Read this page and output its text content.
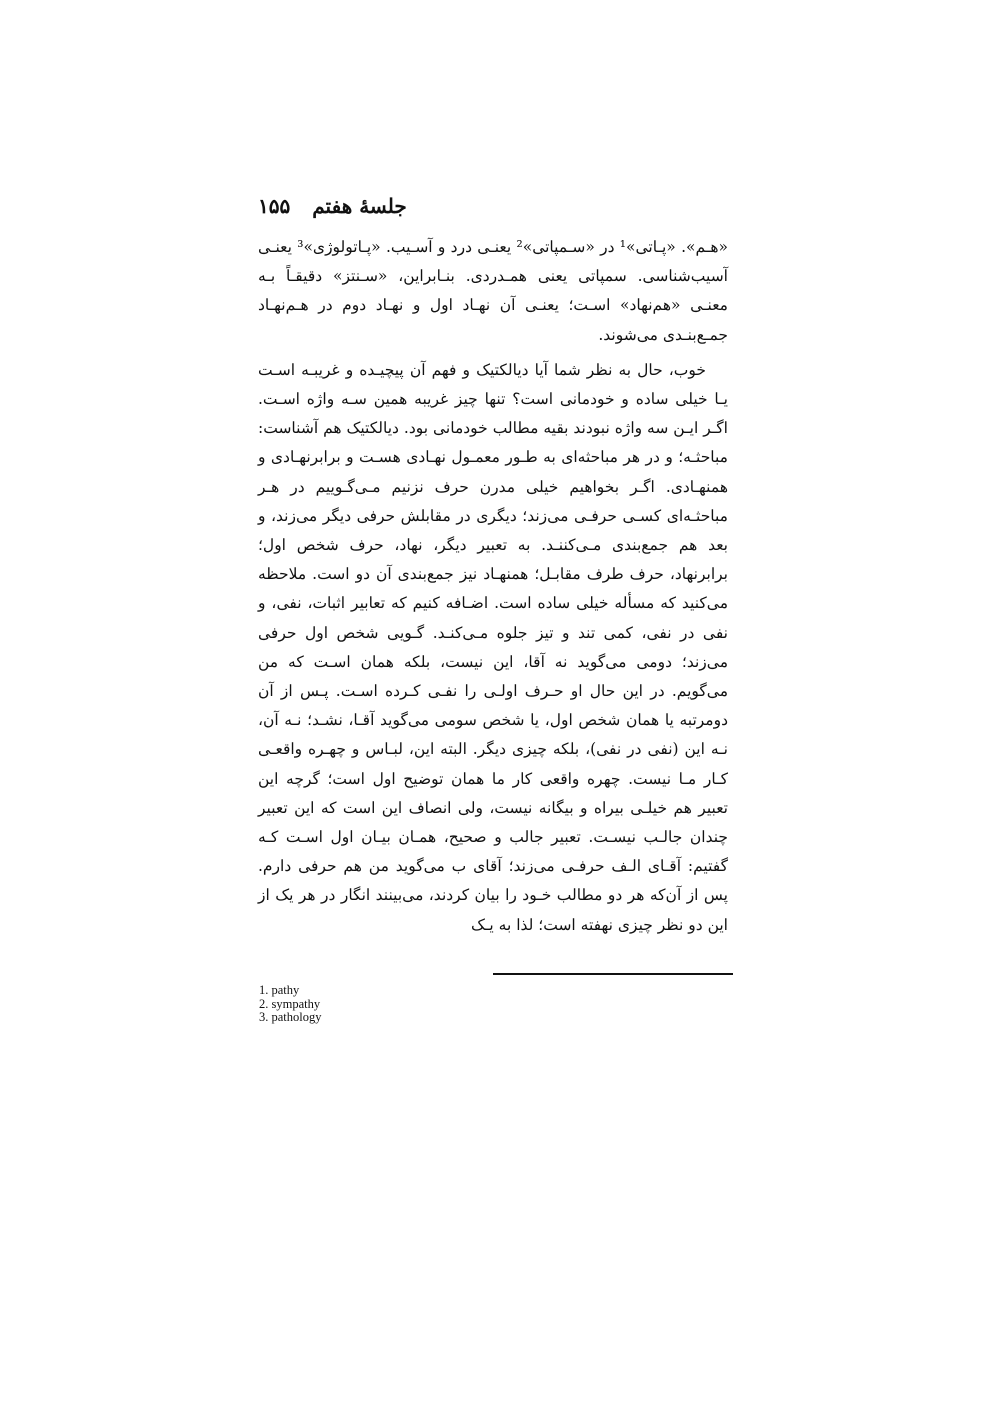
جلسهٔ هفتم
۱۵۵

«هـم». «پـاتی»¹ در «سـمپاتی»² یعنـی درد و آسـیب. «پـاتولوژی»³ یعنـی آسیب‌شناسی. سمپاتی یعنی همـدردی. بنـابراین، «سـنتز» دقیقـاً بـه معنـی «هم‌نهاد» اسـت؛ یعنـی آن نهـاد اول و نهـاد دوم در هـم‌نهـاد جمـع‌بنـدی می‌شوند.

خوب، حال به نظر شما آیا دیالکتیک و فهم آن پیچیـده و غریبـه اسـت یـا خیلی ساده و خودمانی است؟ تنها چیز غریبه همین سـه واژه اسـت. اگـر ایـن سه واژه نبودند بقیه مطالب خودمانی بود. دیالکتیک هم آشناست: مباحثـه؛ و در هر مباحثه‌ای به طـور معمـول نهـادی هسـت و برابرنهـادی و همنهـادی. اگـر بخواهیم خیلی مدرن حرف نزنیم مـی‌گـوییم در هـر مباحثـه‌ای کسـی حرفـی می‌زند؛ دیگری در مقابلش حرفی دیگر می‌زند، و بعد هم جمع‌بندی مـی‌کننـد. به تعبیر دیگر، نهاد، حرف شخص اول؛ برابرنهاد، حرف طرف مقابـل؛ همنهـاد نیز جمع‌بندی آن دو است. ملاحظه می‌کنید که مسأله خیلی ساده است. اضـافه کنیم که تعابیر اثبات، نفی، و نفی در نفی، کمی تند و تیز جلوه مـی‌کنـد. گـویی شخص اول حرفی می‌زند؛ دومی می‌گوید نه آقا، این نیست، بلکه همان اسـت که من می‌گویم. در این حال او حـرف اولـی را نفـی کـرده اسـت. پـس از آن دومرتبه یا همان شخص اول، یا شخص سومی می‌گوید آقـا، نشـد؛ نـه آن، نـه این (نفی در نفی)، بلکه چیزی دیگر. البته این، لبـاس و چهـره واقعـی کـار مـا نیست. چهره واقعی کار ما همان توضیح اول است؛ گرچه این تعبیر هم خیلـی بیراه و بیگانه نیست، ولی انصاف این است که این تعبیر چندان جالـب نیسـت. تعبیر جالب و صحیح، همـان بیـان اول اسـت کـه گفتیم: آقـای الـف حرفـی می‌زند؛ آقای ب می‌گوید من هم حرفی دارم. پس از آن‌که هر دو مطالب خـود را بیان کردند، می‌بینند انگار در هر یک از این دو نظر چیزی نهفته است؛ لذا به یـک

1. pathy
2. sympathy
3. pathology
